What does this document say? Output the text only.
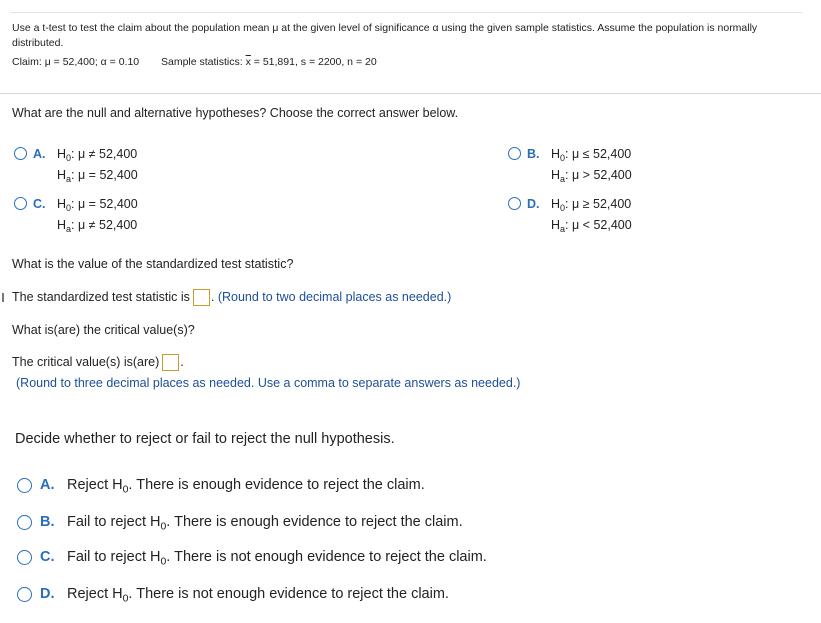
Use a t-test to test the claim about the population mean μ at the given level of significance α using the given sample statistics. Assume the population is normally
distributed.
Claim: μ = 52,400; α = 0.10 Sample statistics: $\overline{x} = 51,891$, s = 2200, n = 20
What are the null and alternative hypotheses? Choose the correct answer below.
A. $H_0$: μ ≠ 52,400
$H_a$: μ = 52,400
B. $H_0$: μ ≤ 52,400
$H_a$: μ > 52,400
C. $H_0$: μ = 52,400
$H_a$: μ ≠ 52,400
D. $H_0$: μ ≥ 52,400
$H_a$: μ < 52,400
What is the value of the standardized test statistic?
The standardized test statistic is . (Round to two decimal places as needed.)
What is(are) the critical value(s)?
The critical value(s) is(are) .
(Round to three decimal places as needed. Use a comma to separate answers as needed.)
Decide whether to reject or fail to reject the null hypothesis.
A. Reject $H_0$. There is enough evidence to reject the claim.
B. Fail to reject $H_0$. There is enough evidence to reject the claim.
C. Fail to reject $H_0$. There is not enough evidence to reject the claim.
D. Reject $H_0$. There is not enough evidence to reject the claim.
